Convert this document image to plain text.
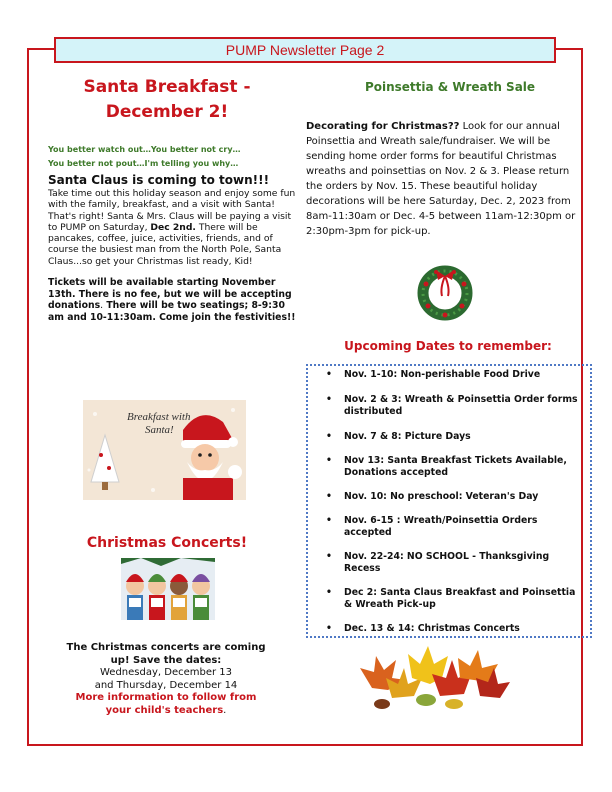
PUMP Newsletter Page 2
Santa Breakfast -
December 2!
You better watch out…You better not cry…
You better not pout…I'm telling you why…
Santa Claus is coming to town!!!
Take time out this holiday season and enjoy some fun with the family, breakfast, and a visit with Santa! That's right! Santa & Mrs. Claus will be paying a visit to PUMP on Saturday, Dec 2nd. There will be pancakes, coffee, juice, activities, friends, and of course the busiest man from the North Pole, Santa Claus...so get your Christmas list ready, Kid!
Tickets will be available starting November 13th. There is no fee, but we will be accepting donations. There will be two seatings; 8-9:30 am and 10-11:30am. Come join the festivities!!
Breakfast with
Santa!
Christmas Concerts!
The Christmas concerts are coming
up! Save the dates:
Wednesday, December 13
and Thursday, December 14
More information to follow from
your child's teachers.
Poinsettia & Wreath Sale
Decorating for Christmas?? Look for our annual Poinsettia and Wreath sale/fundraiser. We will be sending home order forms for beautiful Christmas wreaths and poinsettias on Nov. 2 & 3. Please return the orders by Nov. 15. These beautiful holiday decorations will be here Saturday, Dec. 2, 2023 from 8am-11:30am or Dec. 4-5 between 11am-12:30pm or 2:30pm-3pm for pick-up.
Upcoming Dates to remember:
• Nov. 1-10: Non-perishable Food Drive
• Nov. 2 & 3: Wreath & Poinsettia Order forms distributed
• Nov. 7 & 8: Picture Days
• Nov 13: Santa Breakfast Tickets Available, Donations accepted
• Nov. 10: No preschool: Veteran's Day
• Nov. 6-15 : Wreath/Poinsettia Orders accepted
• Nov. 22-24: NO SCHOOL - Thanksgiving Recess
• Dec 2: Santa Claus Breakfast and Poinsettia & Wreath Pick-up
• Dec. 13 & 14: Christmas Concerts
